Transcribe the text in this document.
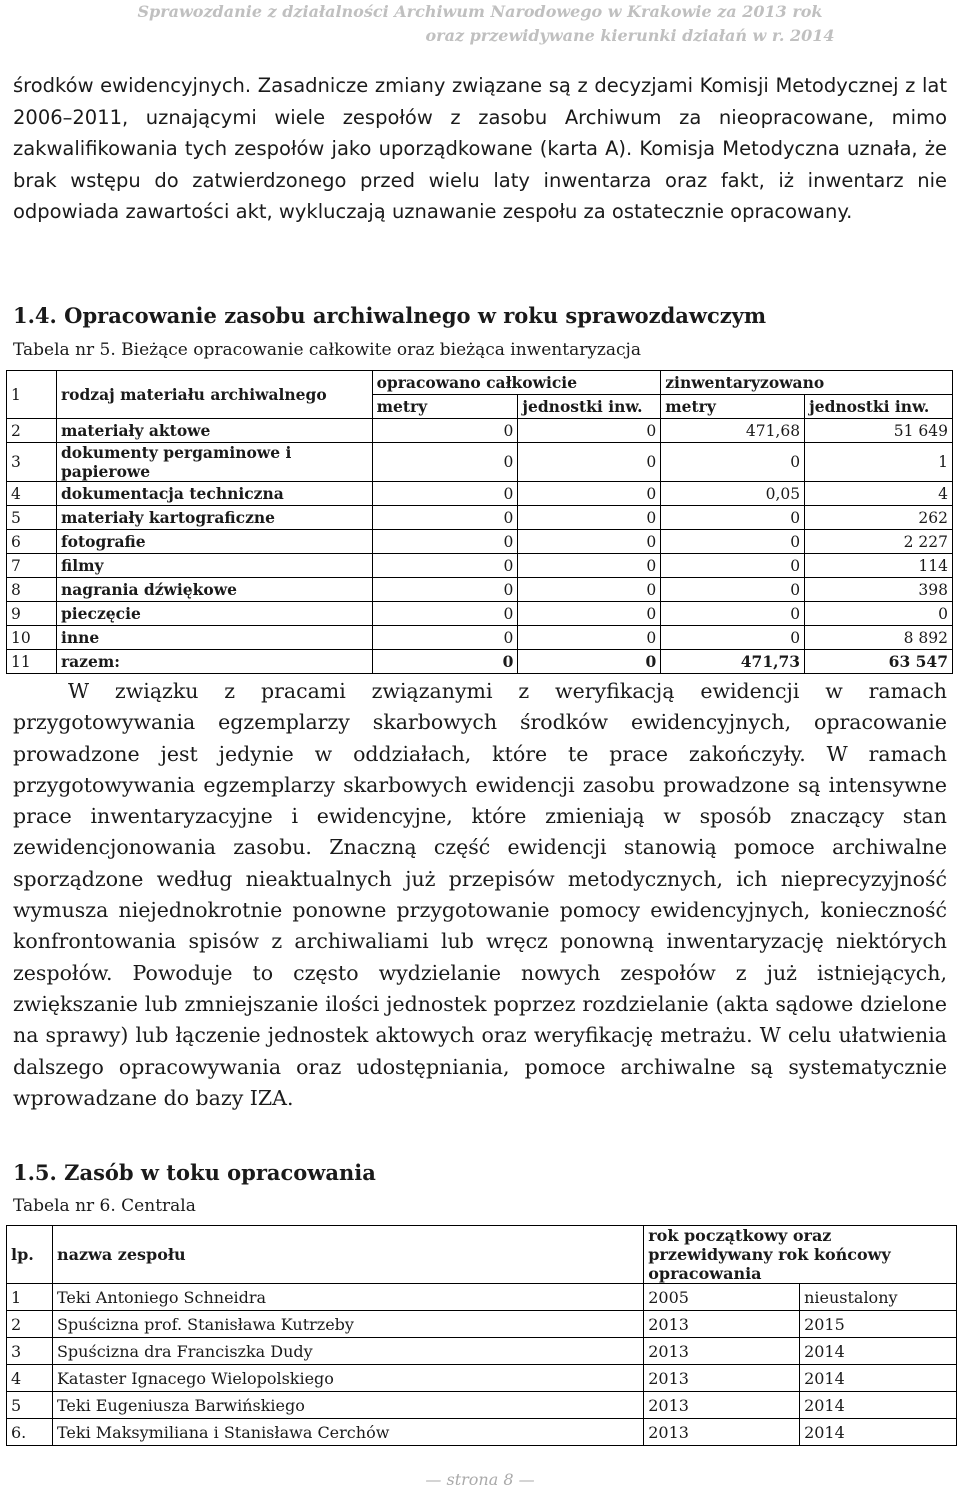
Sprawozdanie z działalności Archiwum Narodowego w Krakowie za 2013 rok
oraz przewidywane kierunki działań w r. 2014
środków ewidencyjnych. Zasadnicze zmiany związane są z decyzjami Komisji Metodycznej z lat 2006–2011, uznającymi wiele zespołów z zasobu Archiwum za nieopracowane, mimo zakwalifikowania tych zespołów jako uporządkowane (karta A). Komisja Metodyczna uznała, że brak wstępu do zatwierdzonego przed wielu laty inwentarza oraz fakt, iż inwentarz nie odpowiada zawartości akt, wykluczają uznawanie zespołu za ostatecznie opracowany.
1.4. Opracowanie zasobu archiwalnego w roku sprawozdawczym
Tabela nr 5. Bieżące opracowanie całkowite oraz bieżąca inwentaryzacja
1	rodzaj materiału archiwalnego	opracowano całkowicie		zinwentaryzowano	
		metry	jednostki inw.	metry	jednostki inw.
2	materiały aktowe	0	0	471,68	51 649
3	dokumenty pergaminowe i papierowe	0	0	0	1
4	dokumentacja techniczna	0	0	0,05	4
5	materiały kartograficzne	0	0	0	262
6	fotografie	0	0	0	2 227
7	filmy	0	0	0	114
8	nagrania dźwiękowe	0	0	0	398
9	pieczęcie	0	0	0	0
10	inne	0	0	0	8 892
11	razem:	0	0	471,73	63 547
W związku z pracami związanymi z weryfikacją ewidencji w ramach przygotowywania egzemplarzy skarbowych środków ewidencyjnych, opracowanie prowadzone jest jedynie w oddziałach, które te prace zakończyły. W ramach przygotowywania egzemplarzy skarbowych ewidencji zasobu prowadzone są intensywne prace inwentaryzacyjne i ewidencyjne, które zmieniają w sposób znaczący stan zewidencjonowania zasobu. Znaczną część ewidencji stanowią pomoce archiwalne sporządzone według nieaktualnych już przepisów metodycznych, ich nieprecyzyjność wymusza niejednokrotnie ponowne przygotowanie pomocy ewidencyjnych, konieczność konfrontowania spisów z archiwaliami lub wręcz ponowną inwentaryzację niektórych zespołów. Powoduje to często wydzielanie nowych zespołów z już istniejących, zwiększanie lub zmniejszanie ilości jednostek poprzez rozdzielanie (akta sądowe dzielone na sprawy) lub łączenie jednostek aktowych oraz weryfikację metrażu. W celu ułatwienia dalszego opracowywania oraz udostępniania, pomoce archiwalne są systematycznie wprowadzane do bazy IZA.
1.5. Zasób w toku opracowania
Tabela nr 6. Centrala
lp.	nazwa zespołu	rok początkowy oraz przewidywany rok końcowy opracowania	
1	Teki Antoniego Schneidra	2005	nieustalony
2	Spuścizna prof. Stanisława Kutrzeby	2013	2015
3	Spuścizna dra Franciszka Dudy	2013	2014
4	Kataster Ignacego Wielopolskiego	2013	2014
5	Teki Eugeniusza Barwińskiego	2013	2014
6.	Teki Maksymiliana i Stanisława Cerchów	2013	2014
— strona 8 —
